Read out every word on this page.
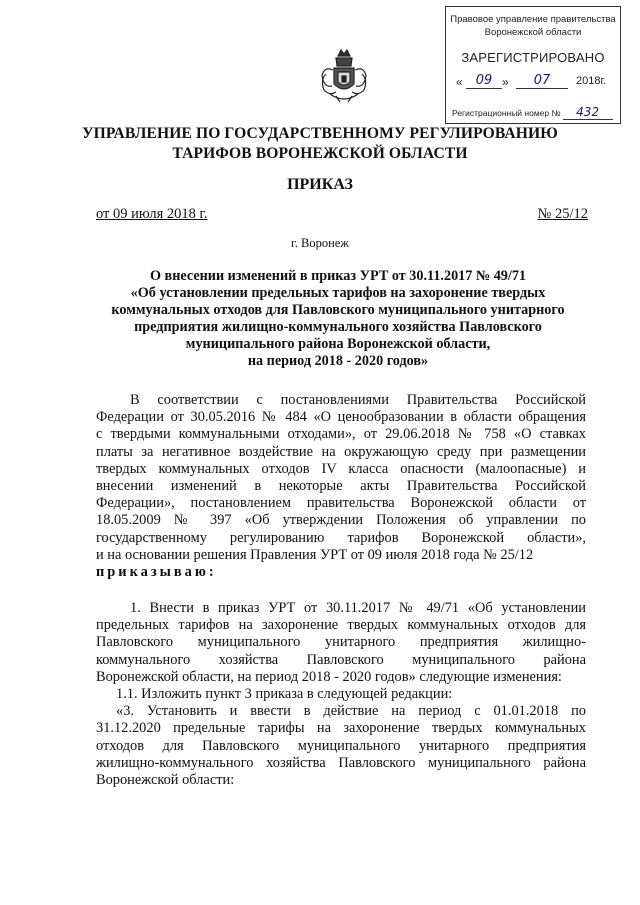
Правовое управление правительства
Воронежской области
ЗАРЕГИСТРИРОВАНО
«	09 »	07	2018г.
Регистрационный номер № 432
УПРАВЛЕНИЕ ПО ГОСУДАРСТВЕННОМУ РЕГУЛИРОВАНИЮ
ТАРИФОВ ВОРОНЕЖСКОЙ ОБЛАСТИ
ПРИКАЗ
от 09 июля 2018 г.	№ 25/12
г. Воронеж
О внесении изменений в приказ УРТ от 30.11.2017 № 49/71
«Об установлении предельных тарифов на захоронение твердых
коммунальных отходов для Павловского муниципального унитарного
предприятия жилищно-коммунального хозяйства Павловского
муниципального района Воронежской области,
на период 2018 - 2020 годов»
В соответствии с постановлениями Правительства Российской
Федерации от 30.05.2016 № 484 «О ценообразовании в области обращения
с твердыми коммунальными отходами», от 29.06.2018 № 758 «О ставках
платы за негативное воздействие на окружающую среду при размещении
твердых коммунальных отходов IV класса опасности (малоопасные) и
внесении изменений в некоторые акты Правительства Российской
Федерации», постановлением правительства Воронежской области от
18.05.2009 № 397 «Об утверждении Положения об управлении по
государственному регулированию тарифов Воронежской области»,
и на основании решения Правления УРТ от 09 июля 2018 года № 25/12
приказываю:
1. Внести в приказ УРТ от 30.11.2017 № 49/71 «Об установлении
предельных тарифов на захоронение твердых коммунальных отходов для
Павловского муниципального унитарного предприятия жилищно-
коммунального хозяйства Павловского муниципального района
Воронежской области, на период 2018 - 2020 годов» следующие изменения:
1.1. Изложить пункт 3 приказа в следующей редакции:
«3. Установить и ввести в действие на период с 01.01.2018 по
31.12.2020 предельные тарифы на захоронение твердых коммунальных
отходов для Павловского муниципального унитарного предприятия
жилищно-коммунального хозяйства Павловского муниципального района
Воронежской области:
